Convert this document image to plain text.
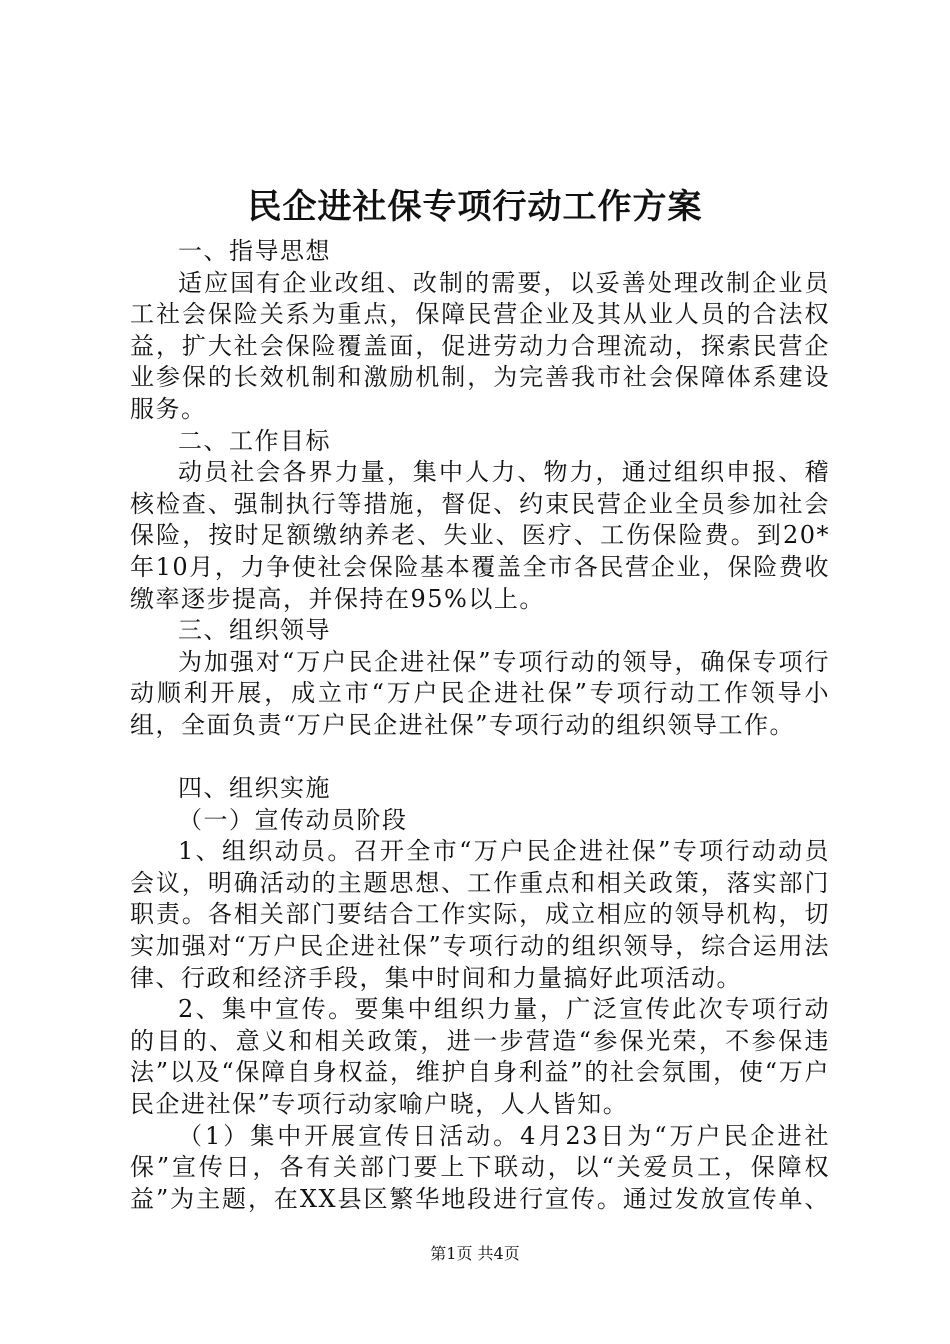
民企进社保专项行动工作方案

一、指导思想

适应国有企业改组、改制的需要，以妥善处理改制企业员工社会保险关系为重点，保障民营企业及其从业人员的合法权益，扩大社会保险覆盖面，促进劳动力合理流动，探索民营企业参保的长效机制和激励机制，为完善我市社会保障体系建设服务。

二、工作目标

动员社会各界力量，集中人力、物力，通过组织申报、稽核检查、强制执行等措施，督促、约束民营企业全员参加社会保险，按时足额缴纳养老、失业、医疗、工伤保险费。到20*年10月，力争使社会保险基本覆盖全市各民营企业，保险费收缴率逐步提高，并保持在95%以上。

三、组织领导

为加强对“万户民企进社保”专项行动的领导，确保专项行动顺利开展，成立市“万户民企进社保”专项行动工作领导小组，全面负责“万户民企进社保”专项行动的组织领导工作。

四、组织实施

（一）宣传动员阶段

1、组织动员。召开全市“万户民企进社保”专项行动动员会议，明确活动的主题思想、工作重点和相关政策，落实部门职责。各相关部门要结合工作实际，成立相应的领导机构，切实加强对“万户民企进社保”专项行动的组织领导，综合运用法律、行政和经济手段，集中时间和力量搞好此项活动。

2、集中宣传。要集中组织力量，广泛宣传此次专项行动的目的、意义和相关政策，进一步营造“参保光荣，不参保违法”以及“保障自身权益，维护自身利益”的社会氛围，使“万户民企进社保”专项行动家喻户晓，人人皆知。

（1）集中开展宣传日活动。4月23日为“万户民企进社保”宣传日，各有关部门要上下联动，以“关爱员工，保障权益”为主题，在XX县区繁华地段进行宣传。通过发放宣传单、

第1页 共4页
